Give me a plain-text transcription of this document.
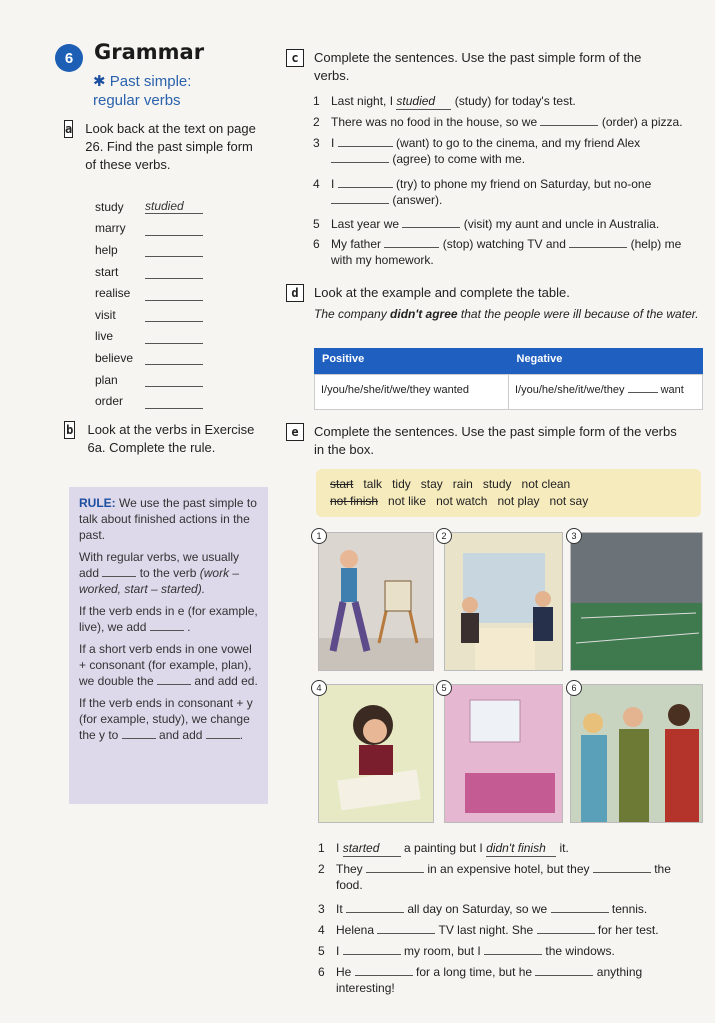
6 Grammar
✱ Past simple:
regular verbs
a Look back at the text on page 26. Find the past simple form of these verbs.
study	studied
marry
help
start
realise
visit
live
believe
plan
order
b Look at the verbs in Exercise 6a. Complete the rule.

RULE: We use the past simple to talk about finished actions in the past.

With regular verbs, we usually add	to the verb (work – worked, start – started).

If the verb ends in e (for example, live), we add	.

If a short verb ends in one vowel + consonant (for example, plan), we double the	and add ed.

If the verb ends in consonant + y (for example, study), we change the y to	and add	.

c	Complete the sentences. Use the past simple form of the verbs.
1 Last night, I studied (study) for today's test.
2 There was no food in the house, so we	(order) a pizza.
3 I	(want) to go to the cinema, and my friend Alex
(agree) to come with me.
4 I	(try) to phone my friend on Saturday, but no-one
(answer).
5 Last year we	(visit) my aunt and uncle in Australia.
6 My father	(stop) watching TV and	(help) me
with my homework.
d	Look at the example and complete the table.
The company didn't agree that the people were ill because of the water.
Positive	Negative
I/you/he/she/it/we/they wanted	I/you/he/she/it/we/they	want
e	Complete the sentences. Use the past simple form of the verbs in the box.
start talk tidy stay rain study not clean
not finish not like not watch not play not say
1	2	3
4	5	6
1 I started a painting but I didn't finish it.
2 They	in an expensive hotel, but they	the
food.
3 It	all day on Saturday, so we	tennis.
4 Helena	TV last night. She	for her test.
5 I	my room, but I	the windows.
6 He	for a long time, but he	anything
interesting!
